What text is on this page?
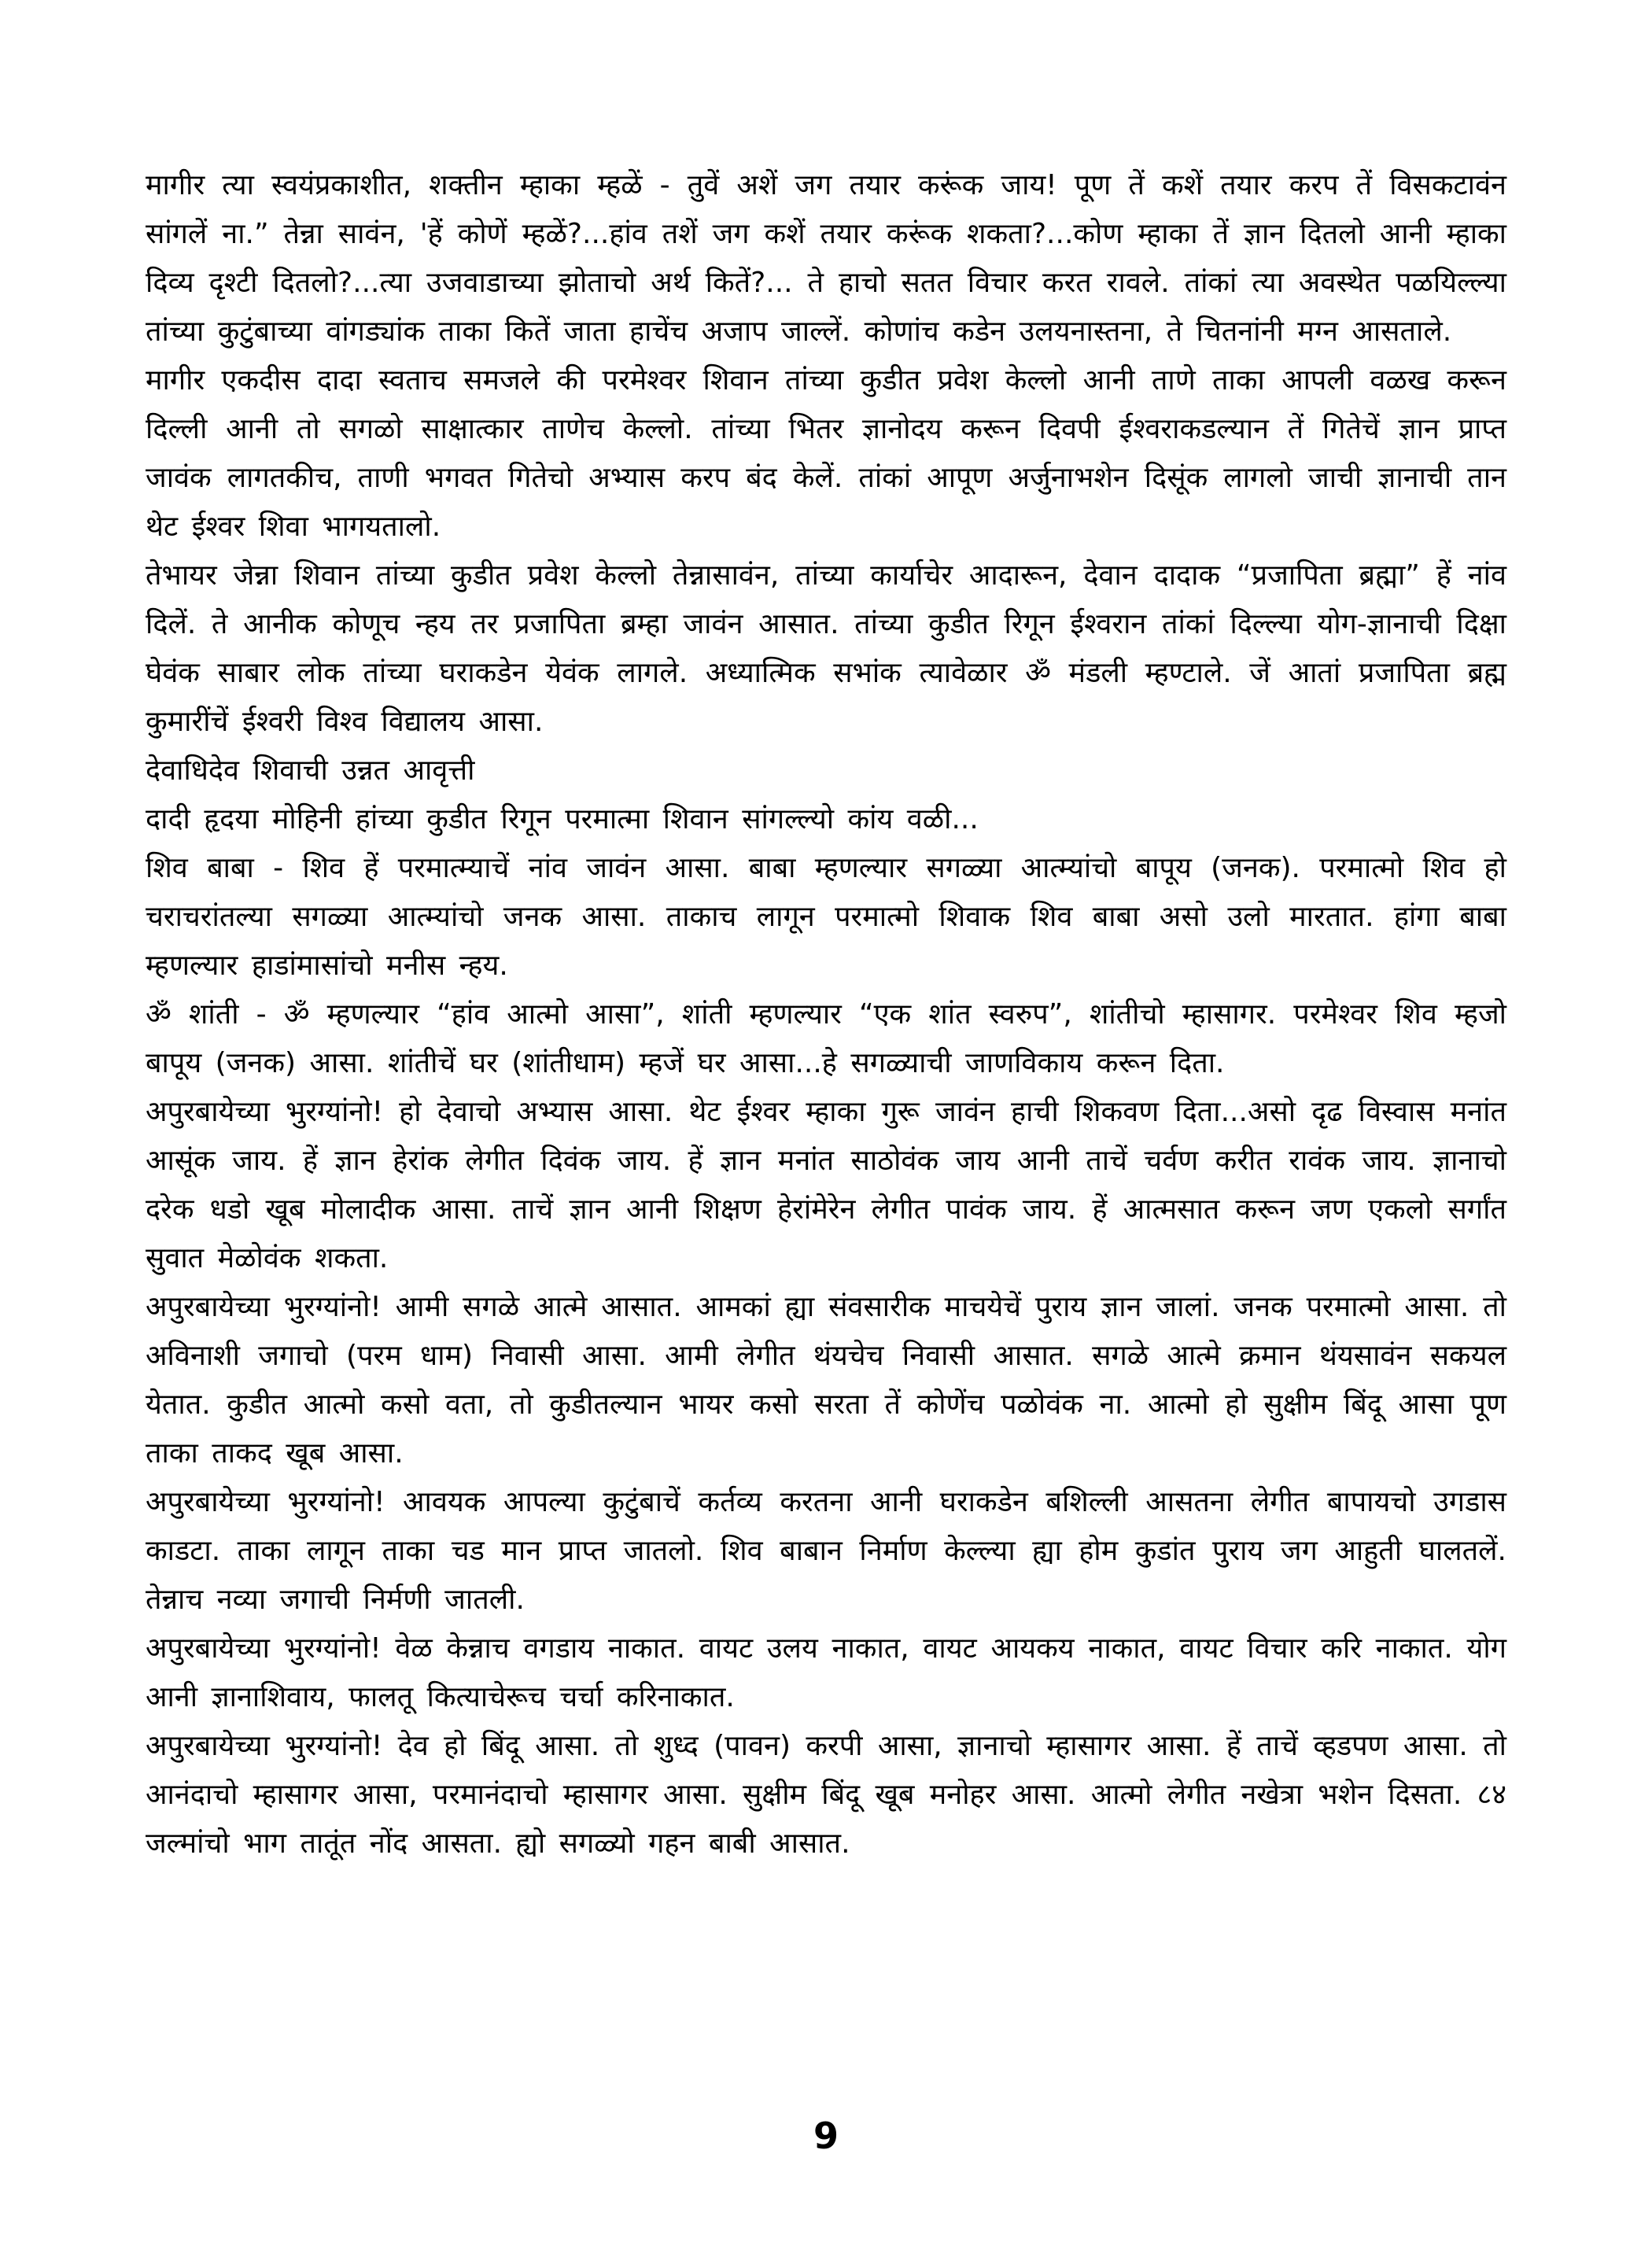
मागीर त्या स्वयंप्रकाशीत, शक्तीन म्हाका म्हळें - तुवें अशें जग तयार करूंक जाय! पूण तें कशें तयार करप तें विसकटावंन सांगलें ना.” तेन्ना सावंन, 'हें कोणें म्हळें?...हांव तशें जग कशें तयार करूंक शकता?...कोण म्हाका तें ज्ञान दितलो आनी म्हाका दिव्य दृश्टी दितलो?...त्या उजवाडाच्या झोताचो अर्थ कितें?... ते हाचो सतत विचार करत रावले. तांकां त्या अवस्थेत पळयिल्ल्या तांच्या कुटुंबाच्या वांगड्यांक ताका कितें जाता हाचेंच अजाप जाल्लें. कोणांच कडेन उलयनास्तना, ते चितनांनी मग्न आसताले.

मागीर एकदीस दादा स्वताच समजले की परमेश्वर शिवान तांच्या कुडीत प्रवेश केल्लो आनी ताणे ताका आपली वळख करून दिल्ली आनी तो सगळो साक्षात्कार ताणेच केल्लो. तांच्या भितर ज्ञानोदय करून दिवपी ईश्वराकडल्यान तें गितेचें ज्ञान प्राप्त जावंक लागतकीच, ताणी भगवत गितेचो अभ्यास करप बंद केलें. तांकां आपूण अर्जुनाभशेन दिसूंक लागलो जाची ज्ञानाची तान थेट ईश्वर शिवा भागयतालो.

तेभायर जेन्ना शिवान तांच्या कुडीत प्रवेश केल्लो तेन्नासावंन, तांच्या कार्याचेर आदारून, देवान दादाक “प्रजापिता ब्रह्मा” हें नांव दिलें. ते आनीक कोणूच न्हय तर प्रजापिता ब्रम्हा जावंन आसात. तांच्या कुडीत रिगून ईश्वरान तांकां दिल्ल्या योग-ज्ञानाची दिक्षा घेवंक साबार लोक तांच्या घराकडेन येवंक लागले. अध्यात्मिक सभांक त्यावेळार ॐ मंडली म्हण्टाले. जें आतां प्रजापिता ब्रह्म कुमारींचें ईश्वरी विश्व विद्यालय आसा.

देवाधिदेव शिवाची उन्नत आवृत्ती

दादी हृदया मोहिनी हांच्या कुडीत रिगून परमात्मा शिवान सांगल्ल्यो कांय वळी...

शिव बाबा - शिव हें परमात्म्याचें नांव जावंन आसा. बाबा म्हणल्यार सगळ्या आत्म्यांचो बापूय (जनक). परमात्मो शिव हो चराचरांतल्या सगळ्या आत्म्यांचो जनक आसा. ताकाच लागून परमात्मो शिवाक शिव बाबा असो उलो मारतात. हांगा बाबा म्हणल्यार हाडांमासांचो मनीस न्हय.

ॐ शांती - ॐ म्हणल्यार “हांव आत्मो आसा”, शांती म्हणल्यार “एक शांत स्वरुप”, शांतीचो म्हासागर. परमेश्वर शिव म्हजो बापूय (जनक) आसा. शांतीचें घर (शांतीधाम) म्हजें घर आसा...हे सगळ्याची जाणविकाय करून दिता.

अपुरबायेच्या भुरग्यांनो! हो देवाचो अभ्यास आसा. थेट ईश्वर म्हाका गुरू जावंन हाची शिकवण दिता...असो दृढ विस्वास मनांत आसूंक जाय. हें ज्ञान हेरांक लेगीत दिवंक जाय. हें ज्ञान मनांत साठोवंक जाय आनी ताचें चर्वण करीत रावंक जाय. ज्ञानाचो दरेक धडो खूब मोलादीक आसा. ताचें ज्ञान आनी शिक्षण हेरांमेरेन लेगीत पावंक जाय. हें आत्मसात करून जण एकलो सर्गांत सुवात मेळोवंक शकता.

अपुरबायेच्या भुरग्यांनो! आमी सगळे आत्मे आसात. आमकां ह्या संवसारीक माचयेचें पुराय ज्ञान जालां. जनक परमात्मो आसा. तो अविनाशी जगाचो (परम धाम) निवासी आसा. आमी लेगीत थंयचेच निवासी आसात. सगळे आत्मे क्रमान थंयसावंन सकयल येतात. कुडीत आत्मो कसो वता, तो कुडीतल्यान भायर कसो सरता तें कोणेंच पळोवंक ना. आत्मो हो सुक्षीम बिंदू आसा पूण ताका ताकद खूब आसा.

अपुरबायेच्या भुरग्यांनो! आवयक आपल्या कुटुंबाचें कर्तव्य करतना आनी घराकडेन बशिल्ली आसतना लेगीत बापायचो उगडास काडटा. ताका लागून ताका चड मान प्राप्त जातलो. शिव बाबान निर्माण केल्ल्या ह्या होम कुडांत पुराय जग आहुती घालतलें. तेन्नाच नव्या जगाची निर्मणी जातली.

अपुरबायेच्या भुरग्यांनो! वेळ केन्नाच वगडाय नाकात. वायट उलय नाकात, वायट आयकय नाकात, वायट विचार करि नाकात. योग आनी ज्ञानाशिवाय, फालतू कित्याचेरूच चर्चा करिनाकात.

अपुरबायेच्या भुरग्यांनो! देव हो बिंदू आसा. तो शुध्द (पावन) करपी आसा, ज्ञानाचो म्हासागर आसा. हें ताचें व्हडपण आसा. तो आनंदाचो म्हासागर आसा, परमानंदाचो म्हासागर आसा. सुक्षीम बिंदू खूब मनोहर आसा. आत्मो लेगीत नखेत्रा भशेन दिसता. ८४ जल्मांचो भाग तातूंत नोंद आसता. ह्यो सगळ्यो गहन बाबी आसात.

9
